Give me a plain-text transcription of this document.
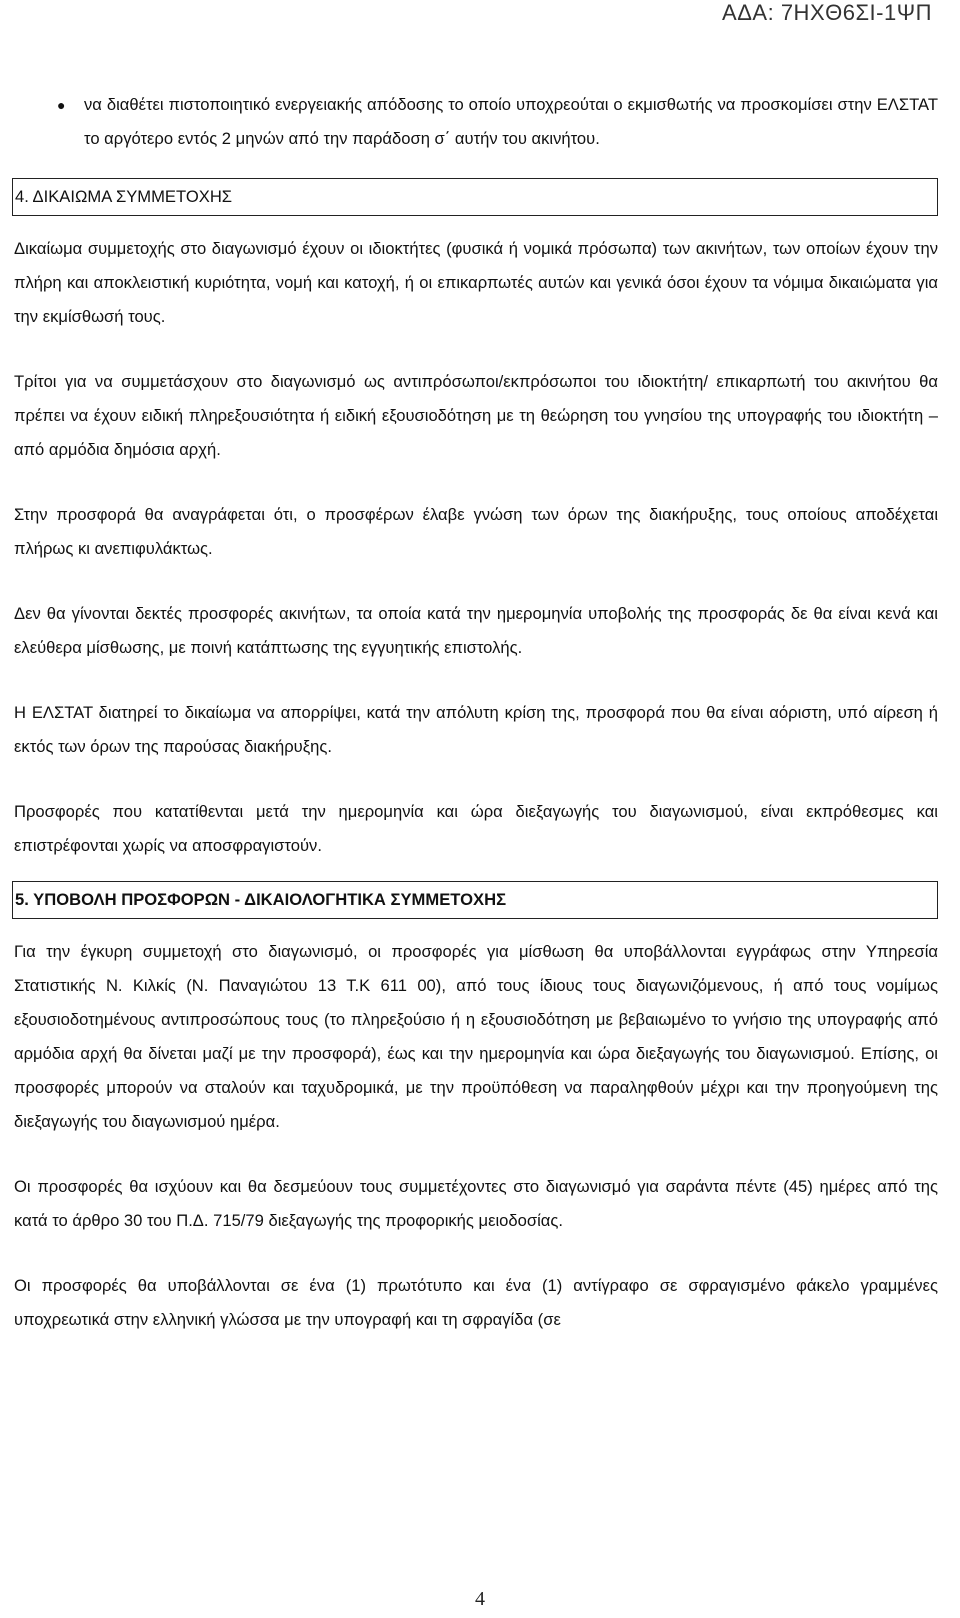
ΑΔΑ: 7ΗΧΘ6ΣΙ-1ΨΠ
● να διαθέτει πιστοποιητικό ενεργειακής απόδοσης το οποίο υποχρεούται ο εκμισθωτής να προσκομίσει στην ΕΛΣΤΑΤ το αργότερο εντός 2 μηνών από την παράδοση σ΄ αυτήν του ακινήτου.
4. ΔΙΚΑΙΩΜΑ ΣΥΜΜΕΤΟΧΗΣ

Δικαίωμα συμμετοχής στο διαγωνισμό έχουν οι ιδιοκτήτες (φυσικά ή νομικά πρόσωπα) των ακινήτων, των οποίων έχουν την πλήρη και αποκλειστική κυριότητα, νομή και κατοχή, ή οι επικαρπωτές αυτών και γενικά όσοι έχουν τα νόμιμα δικαιώματα για την εκμίσθωσή τους.

Τρίτοι για να συμμετάσχουν στο διαγωνισμό ως αντιπρόσωποι/εκπρόσωποι του ιδιοκτήτη/ επικαρπωτή του ακινήτου θα πρέπει να έχουν ειδική πληρεξουσιότητα ή ειδική εξουσιοδότηση με τη θεώρηση του γνησίου της υπογραφής του ιδιοκτήτη –από αρμόδια δημόσια αρχή.

Στην προσφορά θα αναγράφεται ότι, ο προσφέρων έλαβε γνώση των όρων της διακήρυξης, τους οποίους αποδέχεται πλήρως κι ανεπιφυλάκτως.

Δεν θα γίνονται δεκτές προσφορές ακινήτων, τα οποία κατά την ημερομηνία υποβολής της προσφοράς δε θα είναι κενά και ελεύθερα μίσθωσης, με ποινή κατάπτωσης της εγγυητικής επιστολής.

Η ΕΛΣΤΑΤ διατηρεί το δικαίωμα να απορρίψει, κατά την απόλυτη κρίση της, προσφορά που θα είναι αόριστη, υπό αίρεση ή εκτός των όρων της παρούσας διακήρυξης.

Προσφορές που κατατίθενται μετά την ημερομηνία και ώρα διεξαγωγής του διαγωνισμού, είναι εκπρόθεσμες και επιστρέφονται χωρίς να αποσφραγιστούν.

5. ΥΠΟΒΟΛΗ ΠΡΟΣΦΟΡΩΝ - ΔΙΚΑΙΟΛΟΓΗΤΙΚΑ ΣΥΜΜΕΤΟΧΗΣ

Για την έγκυρη συμμετοχή στο διαγωνισμό, οι προσφορές για μίσθωση θα υποβάλλονται εγγράφως στην Υπηρεσία Στατιστικής Ν. Κιλκίς (Ν. Παναγιώτου 13 Τ.Κ 611 00), από τους ίδιους τους διαγωνιζόμενους, ή από τους νομίμως εξουσιοδοτημένους αντιπροσώπους τους (το πληρεξούσιο ή η εξουσιοδότηση με βεβαιωμένο το γνήσιο της υπογραφής από αρμόδια αρχή θα δίνεται μαζί με την προσφορά), έως και την ημερομηνία και ώρα διεξαγωγής του διαγωνισμού. Επίσης, οι προσφορές μπορούν να σταλούν και ταχυδρομικά, με την προϋπόθεση να παραληφθούν μέχρι και την προηγούμενη της διεξαγωγής του διαγωνισμού ημέρα.

Οι προσφορές θα ισχύουν και θα δεσμεύουν τους συμμετέχοντες στο διαγωνισμό για σαράντα πέντε (45) ημέρες από της κατά το άρθρο 30 του Π.Δ. 715/79 διεξαγωγής της προφορικής μειοδοσίας.

Οι προσφορές θα υποβάλλονται σε ένα (1) πρωτότυπο και ένα (1) αντίγραφο σε σφραγισμένο φάκελο γραμμένες υποχρεωτικά στην ελληνική γλώσσα με την υπογραφή και τη σφραγίδα (σε

4
